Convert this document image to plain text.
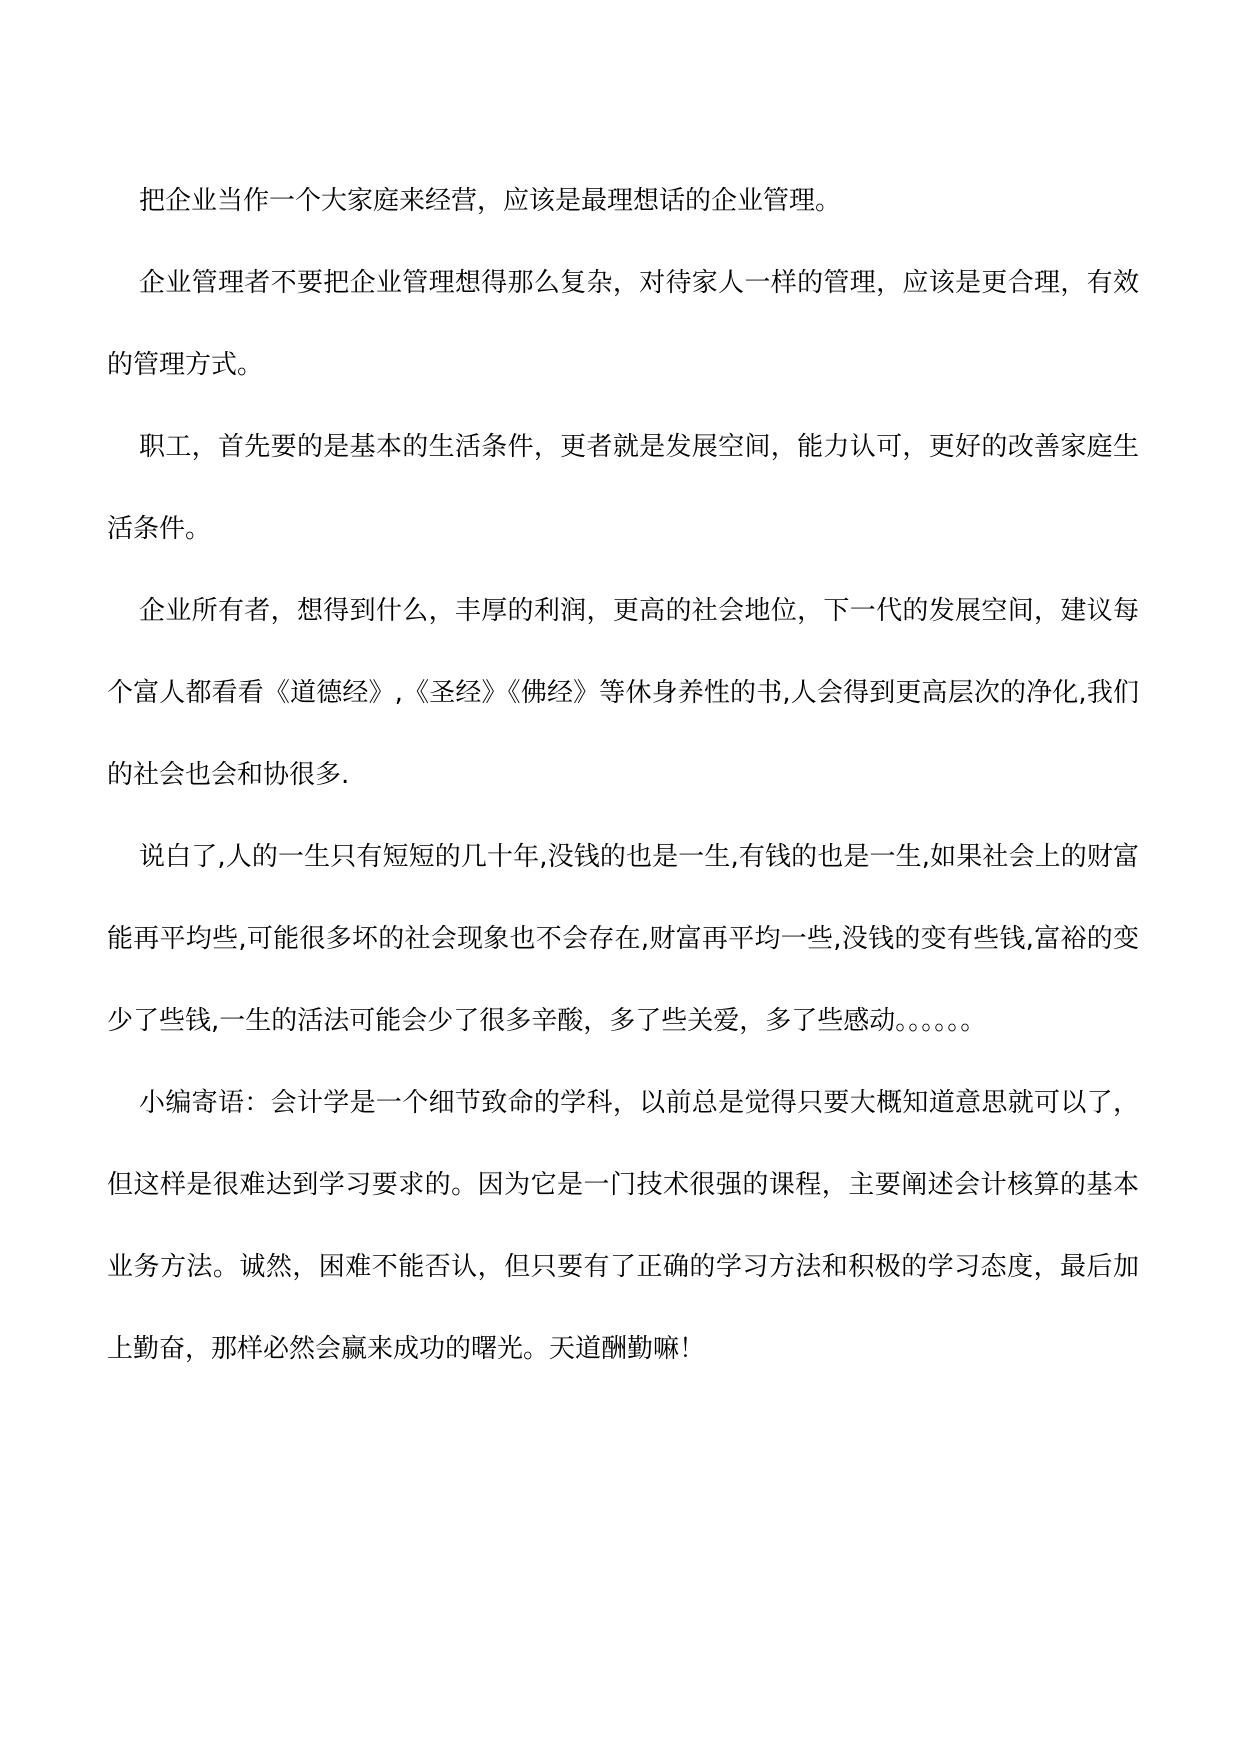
把企业当作一个大家庭来经营，应该是最理想话的企业管理。

企业管理者不要把企业管理想得那么复杂，对待家人一样的管理，应该是更合理，有效的管理方式。

职工，首先要的是基本的生活条件，更者就是发展空间，能力认可，更好的改善家庭生活条件。

企业所有者，想得到什么，丰厚的利润，更高的社会地位，下一代的发展空间，建议每个富人都看看《道德经》,《圣经》《佛经》等休身养性的书,人会得到更高层次的净化,我们的社会也会和协很多.

说白了,人的一生只有短短的几十年,没钱的也是一生,有钱的也是一生,如果社会上的财富能再平均些,可能很多坏的社会现象也不会存在,财富再平均一些,没钱的变有些钱,富裕的变少了些钱,一生的活法可能会少了很多辛酸，多了些关爱，多了些感动。。。。。。

小编寄语：会计学是一个细节致命的学科，以前总是觉得只要大概知道意思就可以了，但这样是很难达到学习要求的。因为它是一门技术很强的课程，主要阐述会计核算的基本业务方法。诚然，困难不能否认，但只要有了正确的学习方法和积极的学习态度，最后加上勤奋，那样必然会赢来成功的曙光。天道酬勤嘛！
